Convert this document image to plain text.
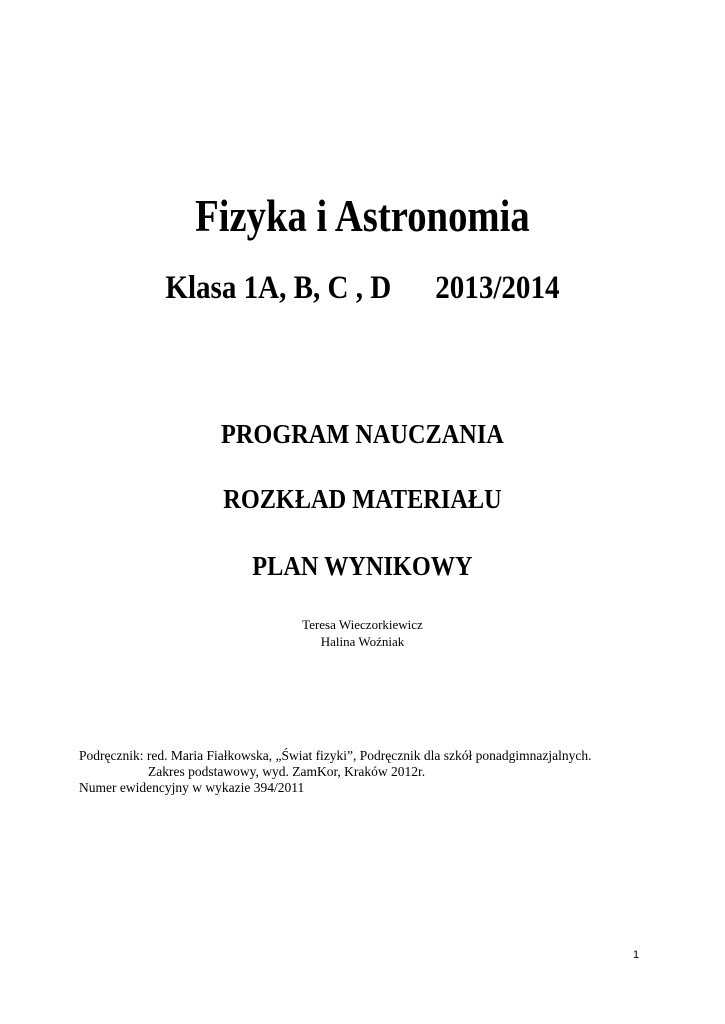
Fizyka i Astronomia
Klasa 1A, B, C , D 2013/2014
PROGRAM NAUCZANIA
ROZKŁAD MATERIAŁU
PLAN WYNIKOWY
Teresa Wieczorkiewicz
Halina Woźniak
Podręcznik: red. Maria Fiałkowska, „Świat fizyki”, Podręcznik dla szkół ponadgimnazjalnych.
Zakres podstawowy, wyd. ZamKor, Kraków 2012r.
Numer ewidencyjny w wykazie 394/2011
1
